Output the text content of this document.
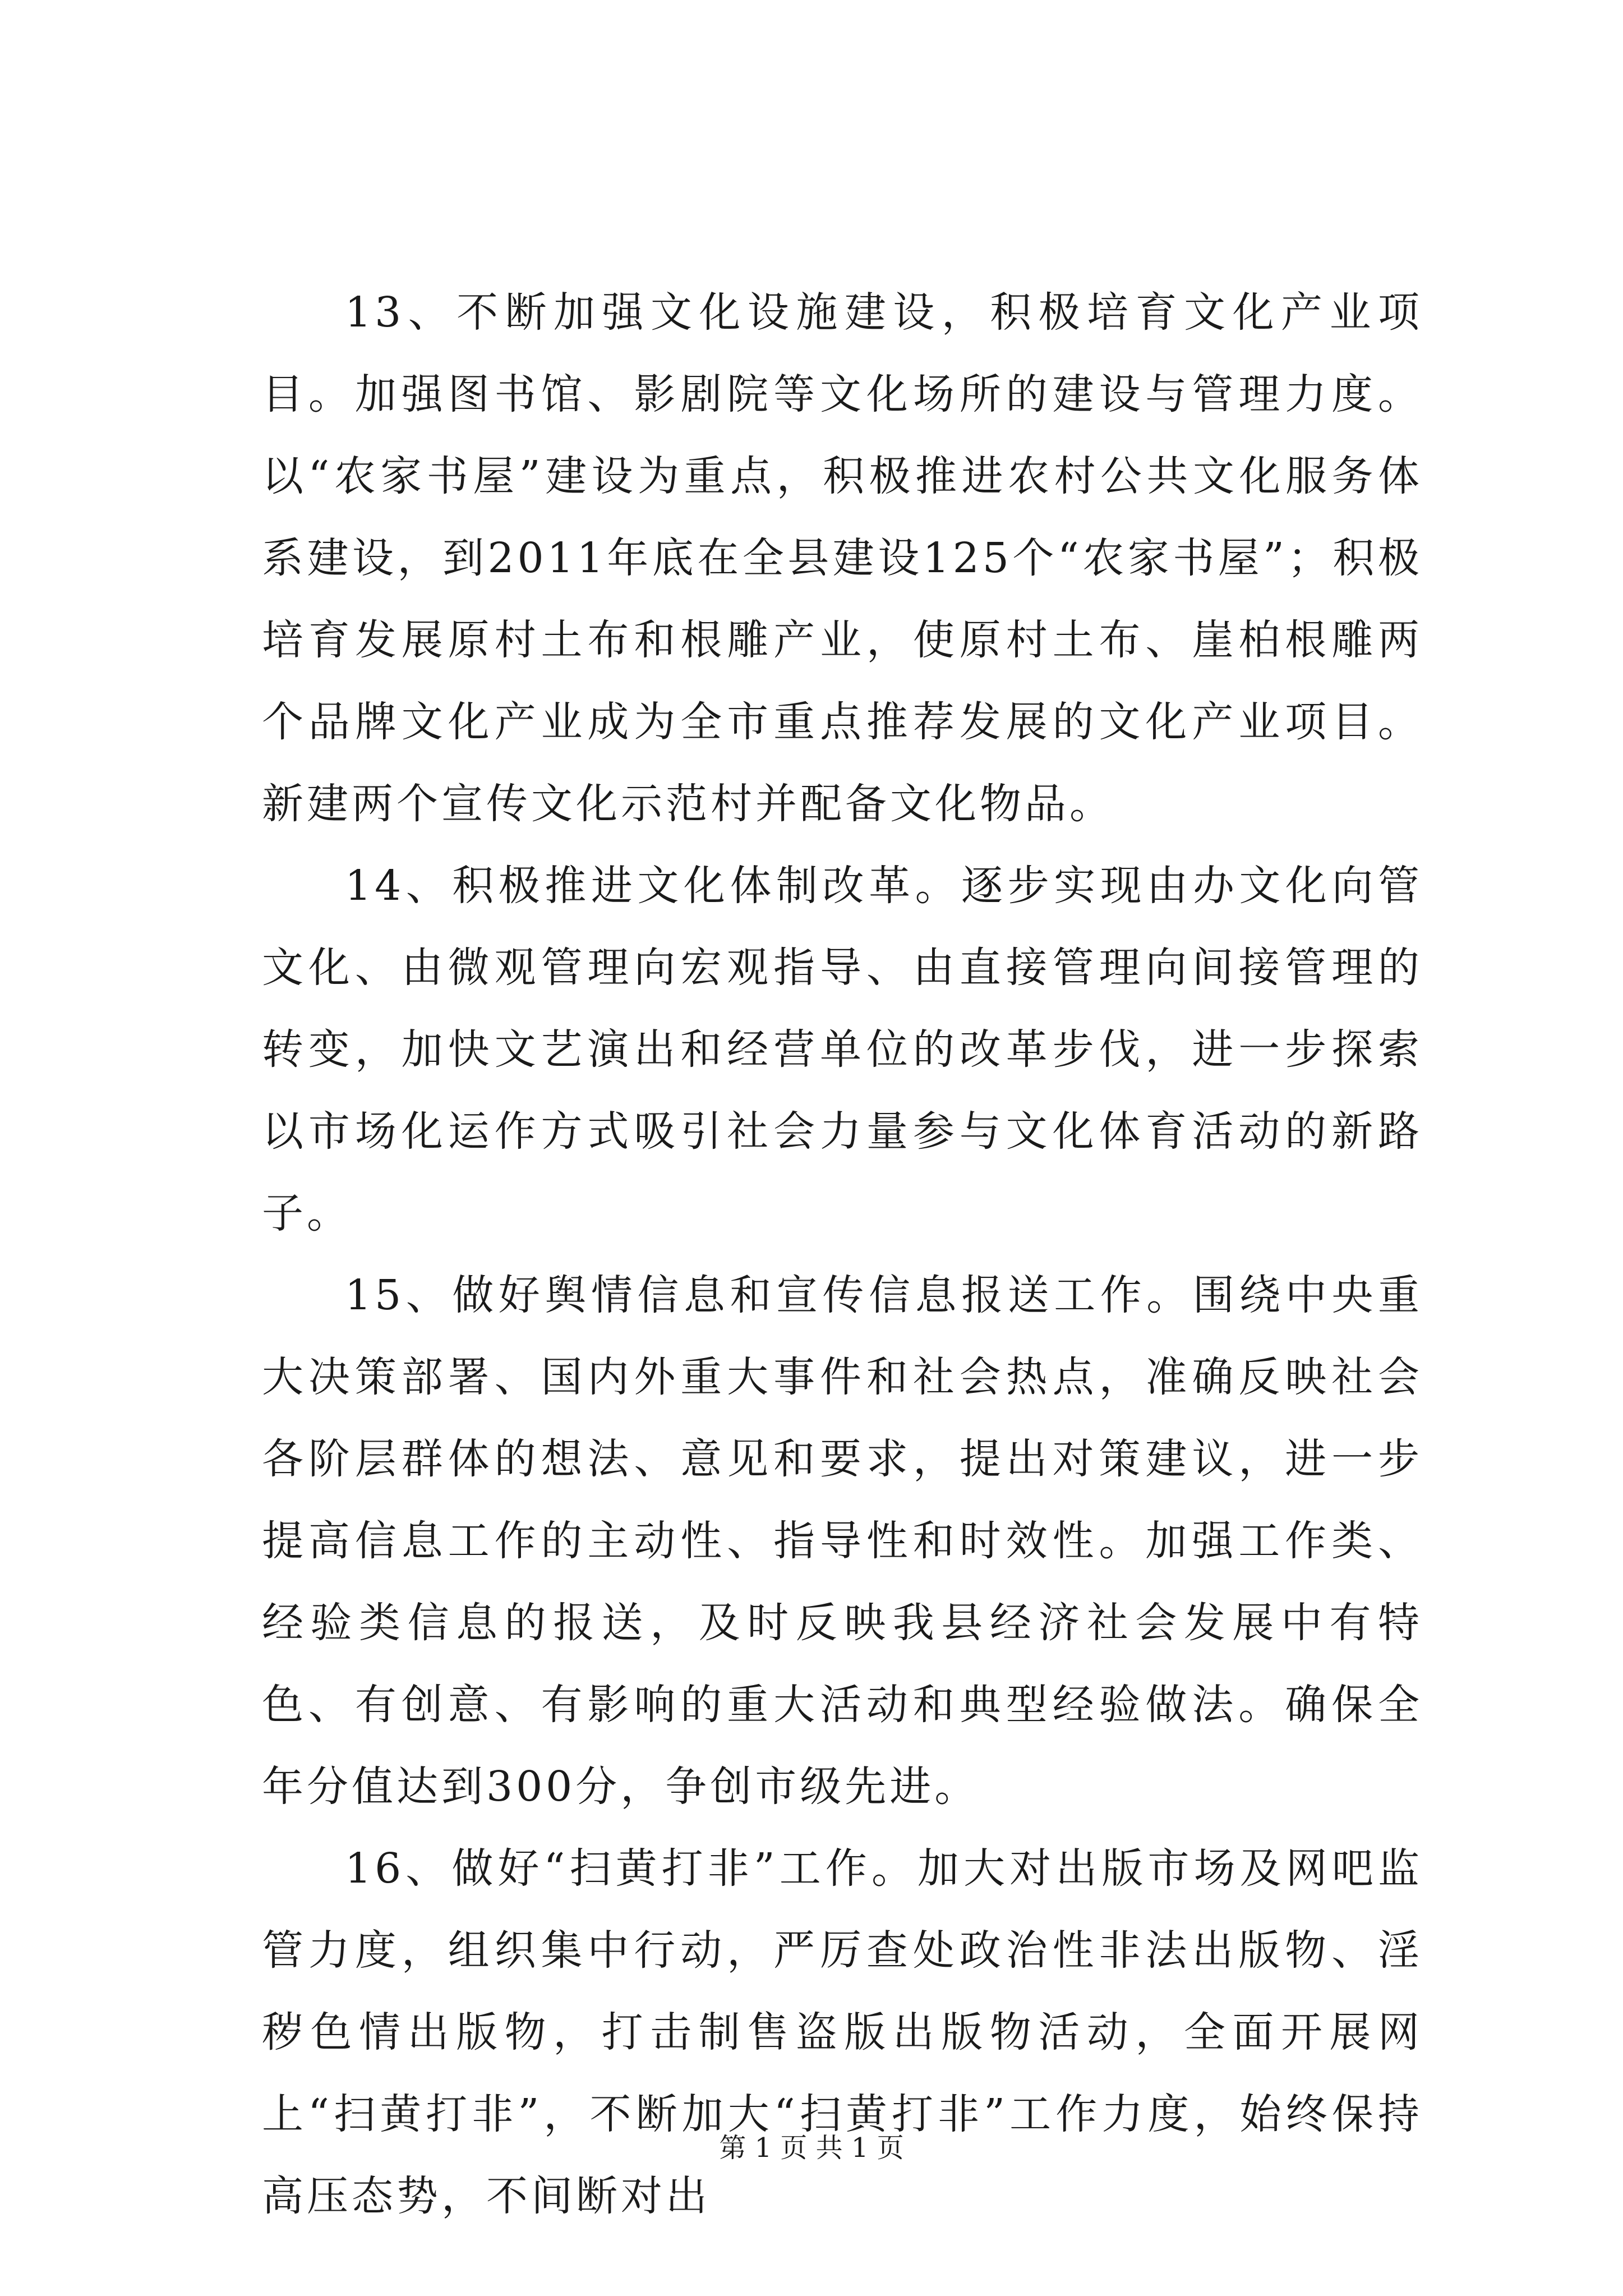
13、不断加强文化设施建设，积极培育文化产业项目。加强图书馆、影剧院等文化场所的建设与管理力度。以“农家书屋”建设为重点，积极推进农村公共文化服务体系建设，到2011年底在全县建设125个“农家书屋”；积极培育发展原村土布和根雕产业，使原村土布、崖柏根雕两个品牌文化产业成为全市重点推荐发展的文化产业项目。新建两个宣传文化示范村并配备文化物品。

14、积极推进文化体制改革。逐步实现由办文化向管文化、由微观管理向宏观指导、由直接管理向间接管理的转变，加快文艺演出和经营单位的改革步伐，进一步探索以市场化运作方式吸引社会力量参与文化体育活动的新路子。

15、做好舆情信息和宣传信息报送工作。围绕中央重大决策部署、国内外重大事件和社会热点，准确反映社会各阶层群体的想法、意见和要求，提出对策建议，进一步提高信息工作的主动性、指导性和时效性。加强工作类、经验类信息的报送，及时反映我县经济社会发展中有特色、有创意、有影响的重大活动和典型经验做法。确保全年分值达到300分，争创市级先进。

16、做好“扫黄打非”工作。加大对出版市场及网吧监管力度，组织集中行动，严厉查处政治性非法出版物、淫秽色情出版物，打击制售盗版出版物活动，全面开展网上“扫黄打非”，不断加大“扫黄打非”工作力度，始终保持高压态势，不间断对出

第 1 页 共 1 页
